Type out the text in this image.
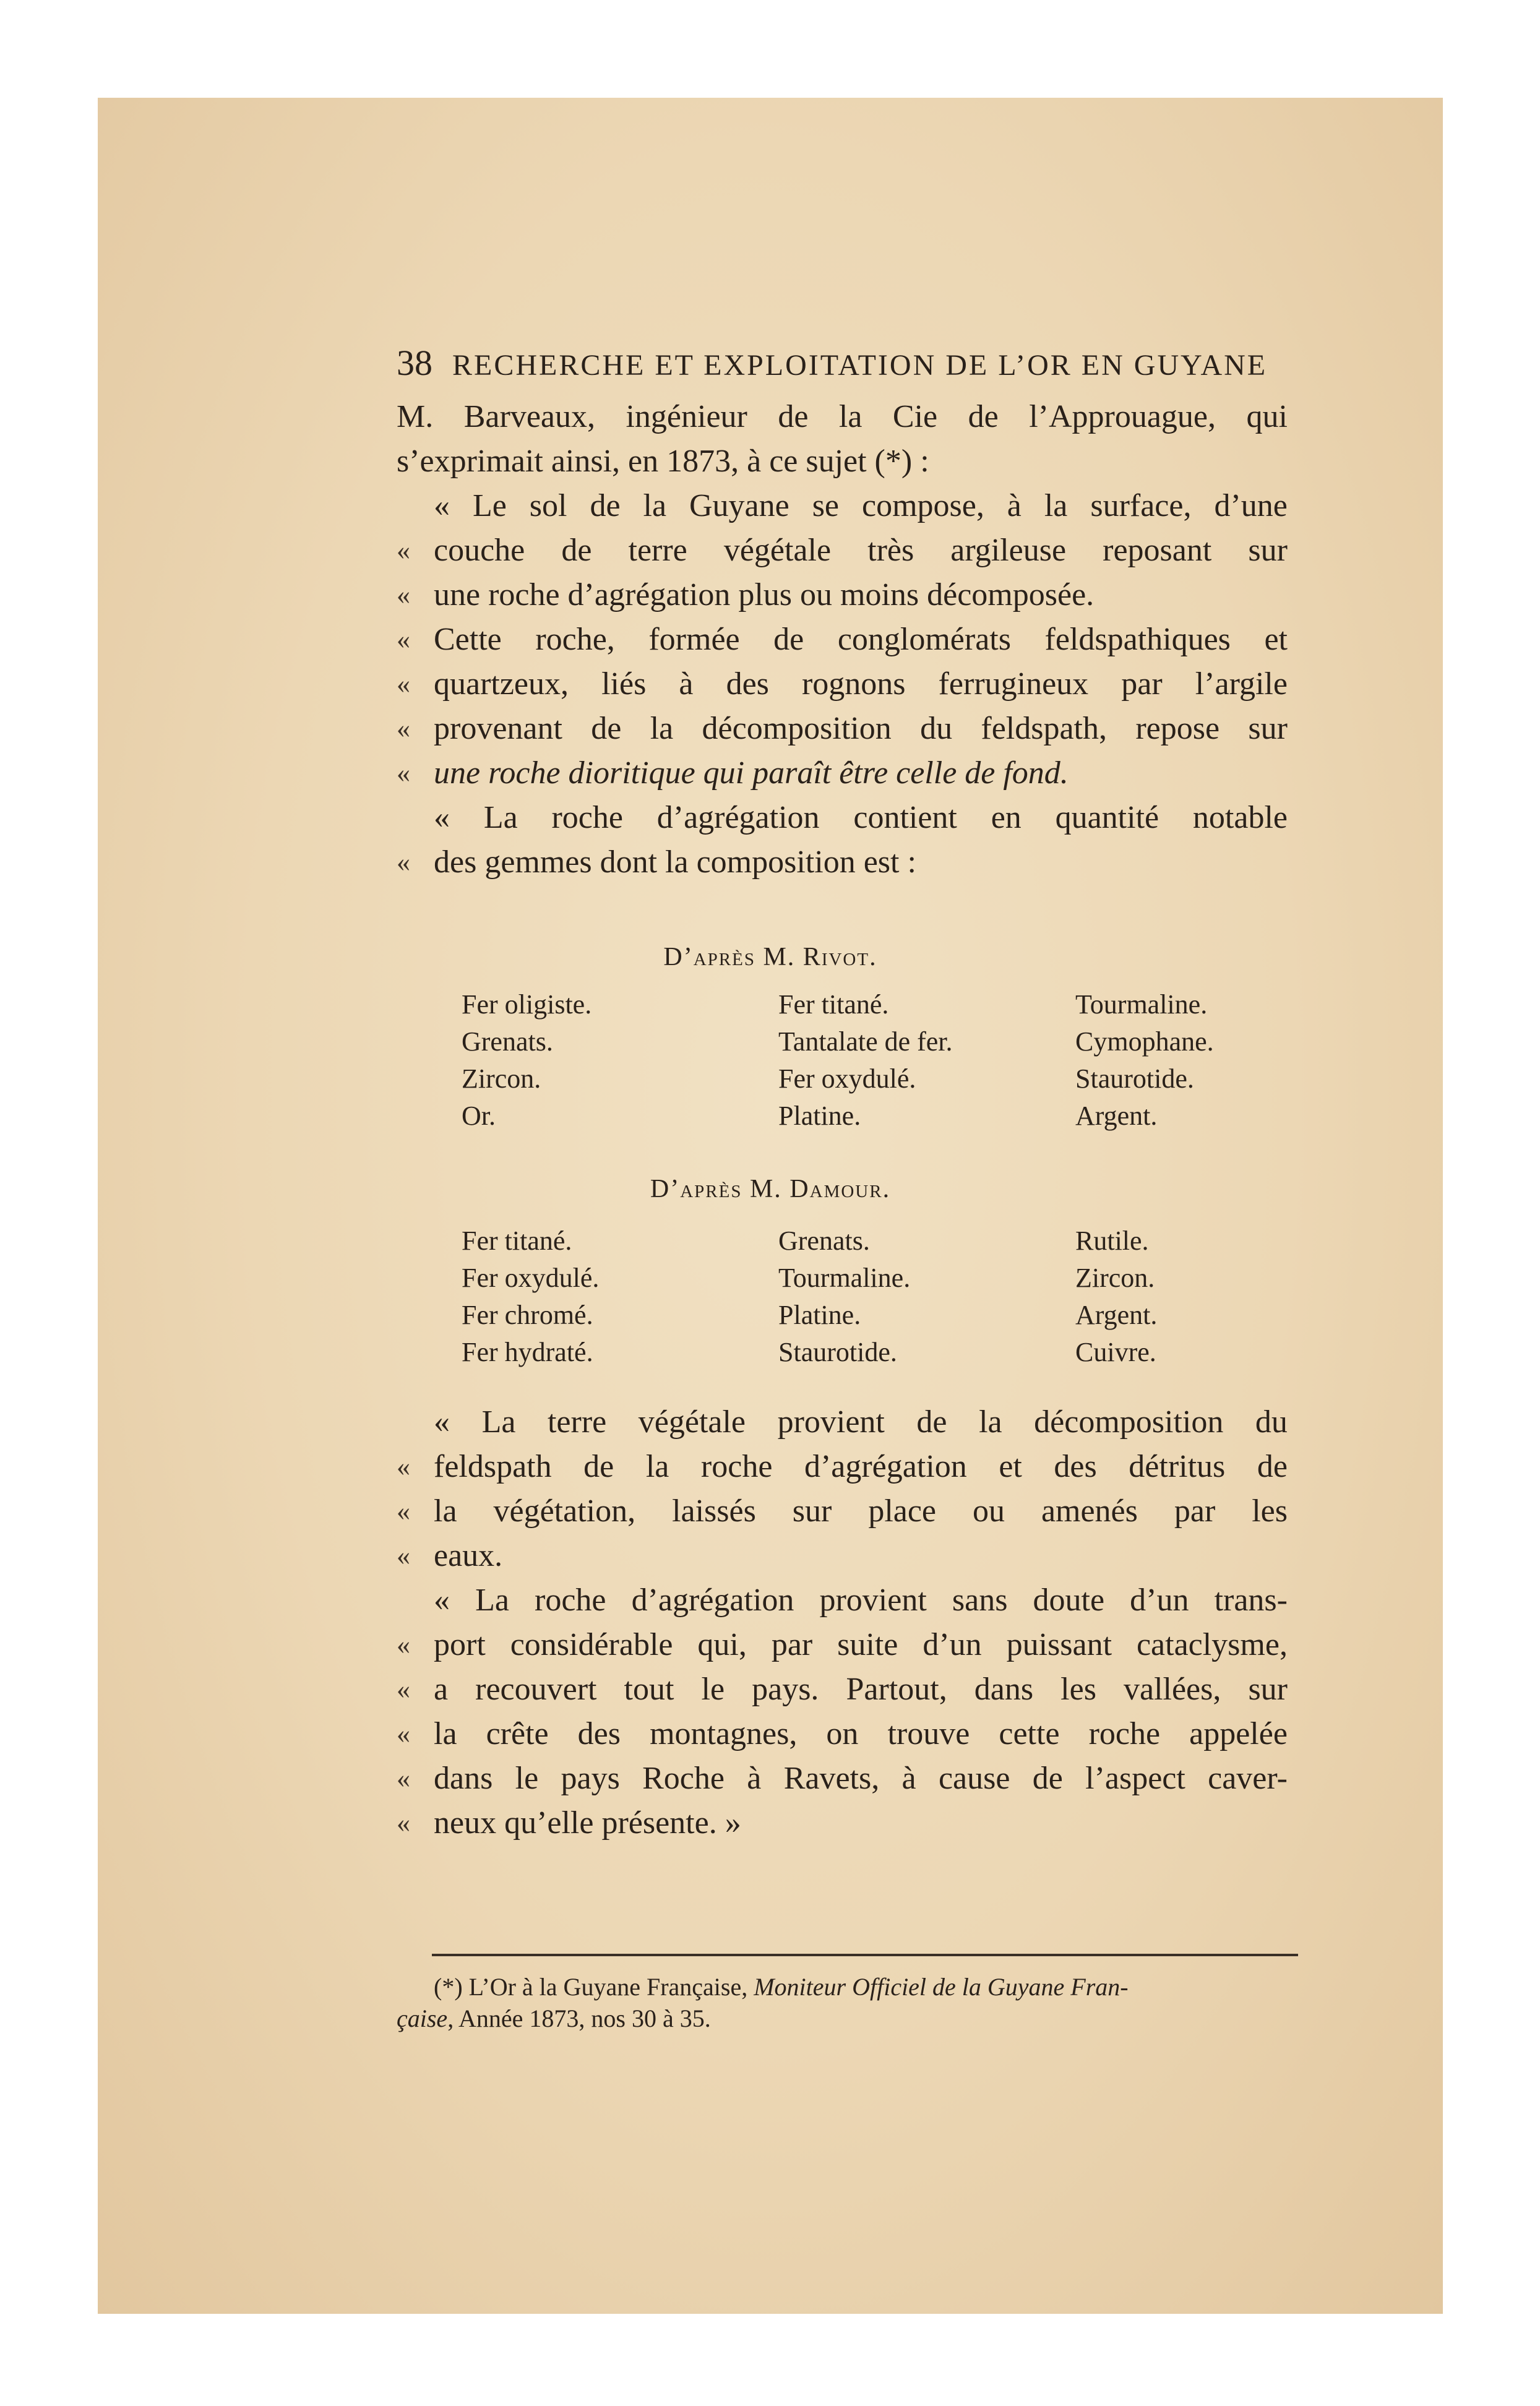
38 RECHERCHE ET EXPLOITATION DE L’OR EN GUYANE
M. Barveaux, ingénieur de la Cie de l’Approuague, qui
s’exprimait ainsi, en 1873, à ce sujet (*) :
« Le sol de la Guyane se compose, à la surface, d’une
« couche de terre végétale très argileuse reposant sur
« une roche d’agrégation plus ou moins décomposée.
« Cette roche, formée de conglomérats feldspathiques et
« quartzeux, liés à des rognons ferrugineux par l’argile
« provenant de la décomposition du feldspath, repose sur
« une roche dioritique qui paraît être celle de fond.
« La roche d’agrégation contient en quantité notable
« des gemmes dont la composition est :
D’après M. Rivot.
Fer oligiste.
Grenats.
Zircon.
Or.
Fer titané.
Tantalate de fer.
Fer oxydulé.
Platine.
Tourmaline.
Cymophane.
Staurotide.
Argent.
D’après M. Damour.
Fer titané.
Fer oxydulé.
Fer chromé.
Fer hydraté.
Grenats.
Tourmaline.
Platine.
Staurotide.
Rutile.
Zircon.
Argent.
Cuivre.
« La terre végétale provient de la décomposition du
« feldspath de la roche d’agrégation et des détritus de
« la végétation, laissés sur place ou amenés par les
« eaux.
« La roche d’agrégation provient sans doute d’un trans-
« port considérable qui, par suite d’un puissant cataclysme,
« a recouvert tout le pays. Partout, dans les vallées, sur
« la crête des montagnes, on trouve cette roche appelée
« dans le pays Roche à Ravets, à cause de l’aspect caver-
« neux qu’elle présente. »
(*) L’Or à la Guyane Française, Moniteur Officiel de la Guyane Fran-
çaise, Année 1873, nos 30 à 35.
